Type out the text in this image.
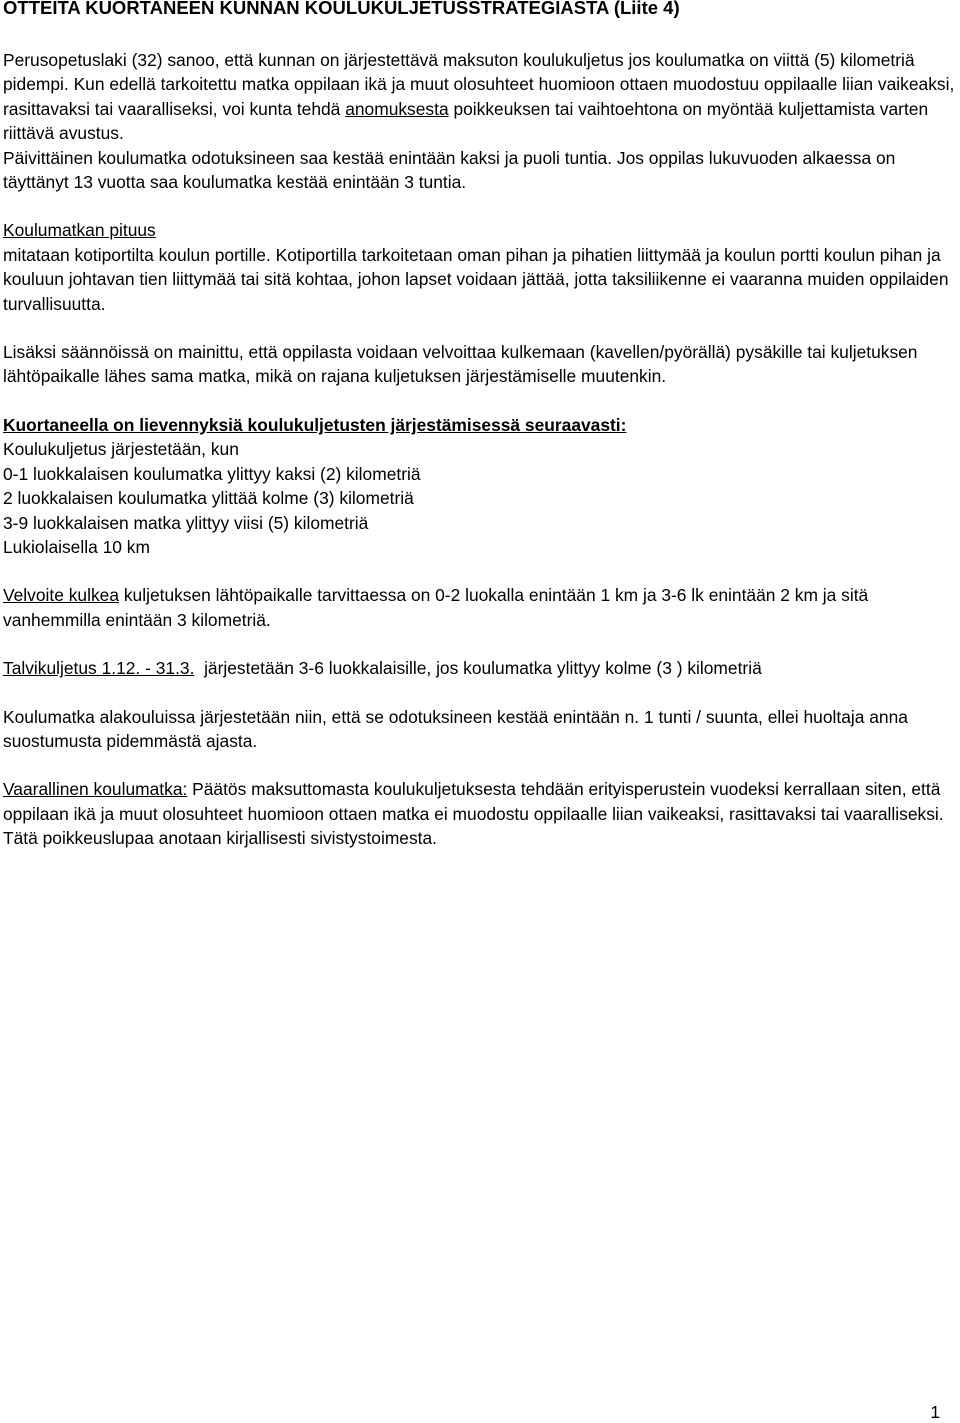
OTTEITA KUORTANEEN KUNNAN KOULUKULJETUSSTRATEGIASTA (Liite 4)

Perusopetuslaki (32) sanoo, että kunnan on järjestettävä maksuton koulukuljetus jos koulumatka on viittä (5) kilometriä pidempi. Kun edellä tarkoitettu matka oppilaan ikä ja muut olosuhteet huomioon ottaen muodostuu oppilaalle liian vaikeaksi, rasittavaksi tai vaaralliseksi, voi kunta tehdä anomuksesta poikkeuksen tai vaihtoehtona on myöntää kuljettamista varten riittävä avustus.

Päivittäinen koulumatka odotuksineen saa kestää enintään kaksi ja puoli tuntia. Jos oppilas lukuvuoden alkaessa on täyttänyt 13 vuotta saa koulumatka kestää enintään 3 tuntia.

Koulumatkan pituus

mitataan kotiportilta koulun portille. Kotiportilla tarkoitetaan oman pihan ja pihatien liittymää ja koulun portti koulun pihan ja kouluun johtavan tien liittymää tai sitä kohtaa, johon lapset voidaan jättää, jotta taksiliikenne ei vaaranna muiden oppilaiden turvallisuutta.

Lisäksi säännöissä on mainittu, että oppilasta voidaan velvoittaa kulkemaan (kavellen/pyörällä) pysäkille tai kuljetuksen lähtöpaikalle lähes sama matka, mikä on rajana kuljetuksen järjestämiselle muutenkin.

Kuortaneella on lievennyksiä koulukuljetusten järjestämisessä seuraavasti:

Koulukuljetus järjestetään, kun

0-1 luokkalaisen koulumatka ylittyy kaksi (2) kilometriä

2 luokkalaisen koulumatka ylittää kolme (3) kilometriä

3-9 luokkalaisen matka ylittyy viisi (5) kilometriä

Lukiolaisella 10 km

Velvoite kulkea kuljetuksen lähtöpaikalle tarvittaessa on 0-2 luokalla enintään 1 km ja 3-6 lk enintään 2 km ja sitä vanhemmilla enintään 3 kilometriä.

Talvikuljetus 1.12. - 31.3.  järjestetään 3-6 luokkalaisille, jos koulumatka ylittyy kolme (3 ) kilometriä

Koulumatka alakouluissa järjestetään niin, että se odotuksineen kestää enintään n. 1 tunti / suunta, ellei huoltaja anna suostumusta pidemmästä ajasta.

Vaarallinen koulumatka: Päätös maksuttomasta koulukuljetuksesta tehdään erityisperustein vuodeksi kerrallaan siten, että oppilaan ikä ja muut olosuhteet huomioon ottaen matka ei muodostu oppilaalle liian vaikeaksi, rasittavaksi tai vaaralliseksi. Tätä poikkeuslupaa anotaan kirjallisesti sivistystoimesta.

1
